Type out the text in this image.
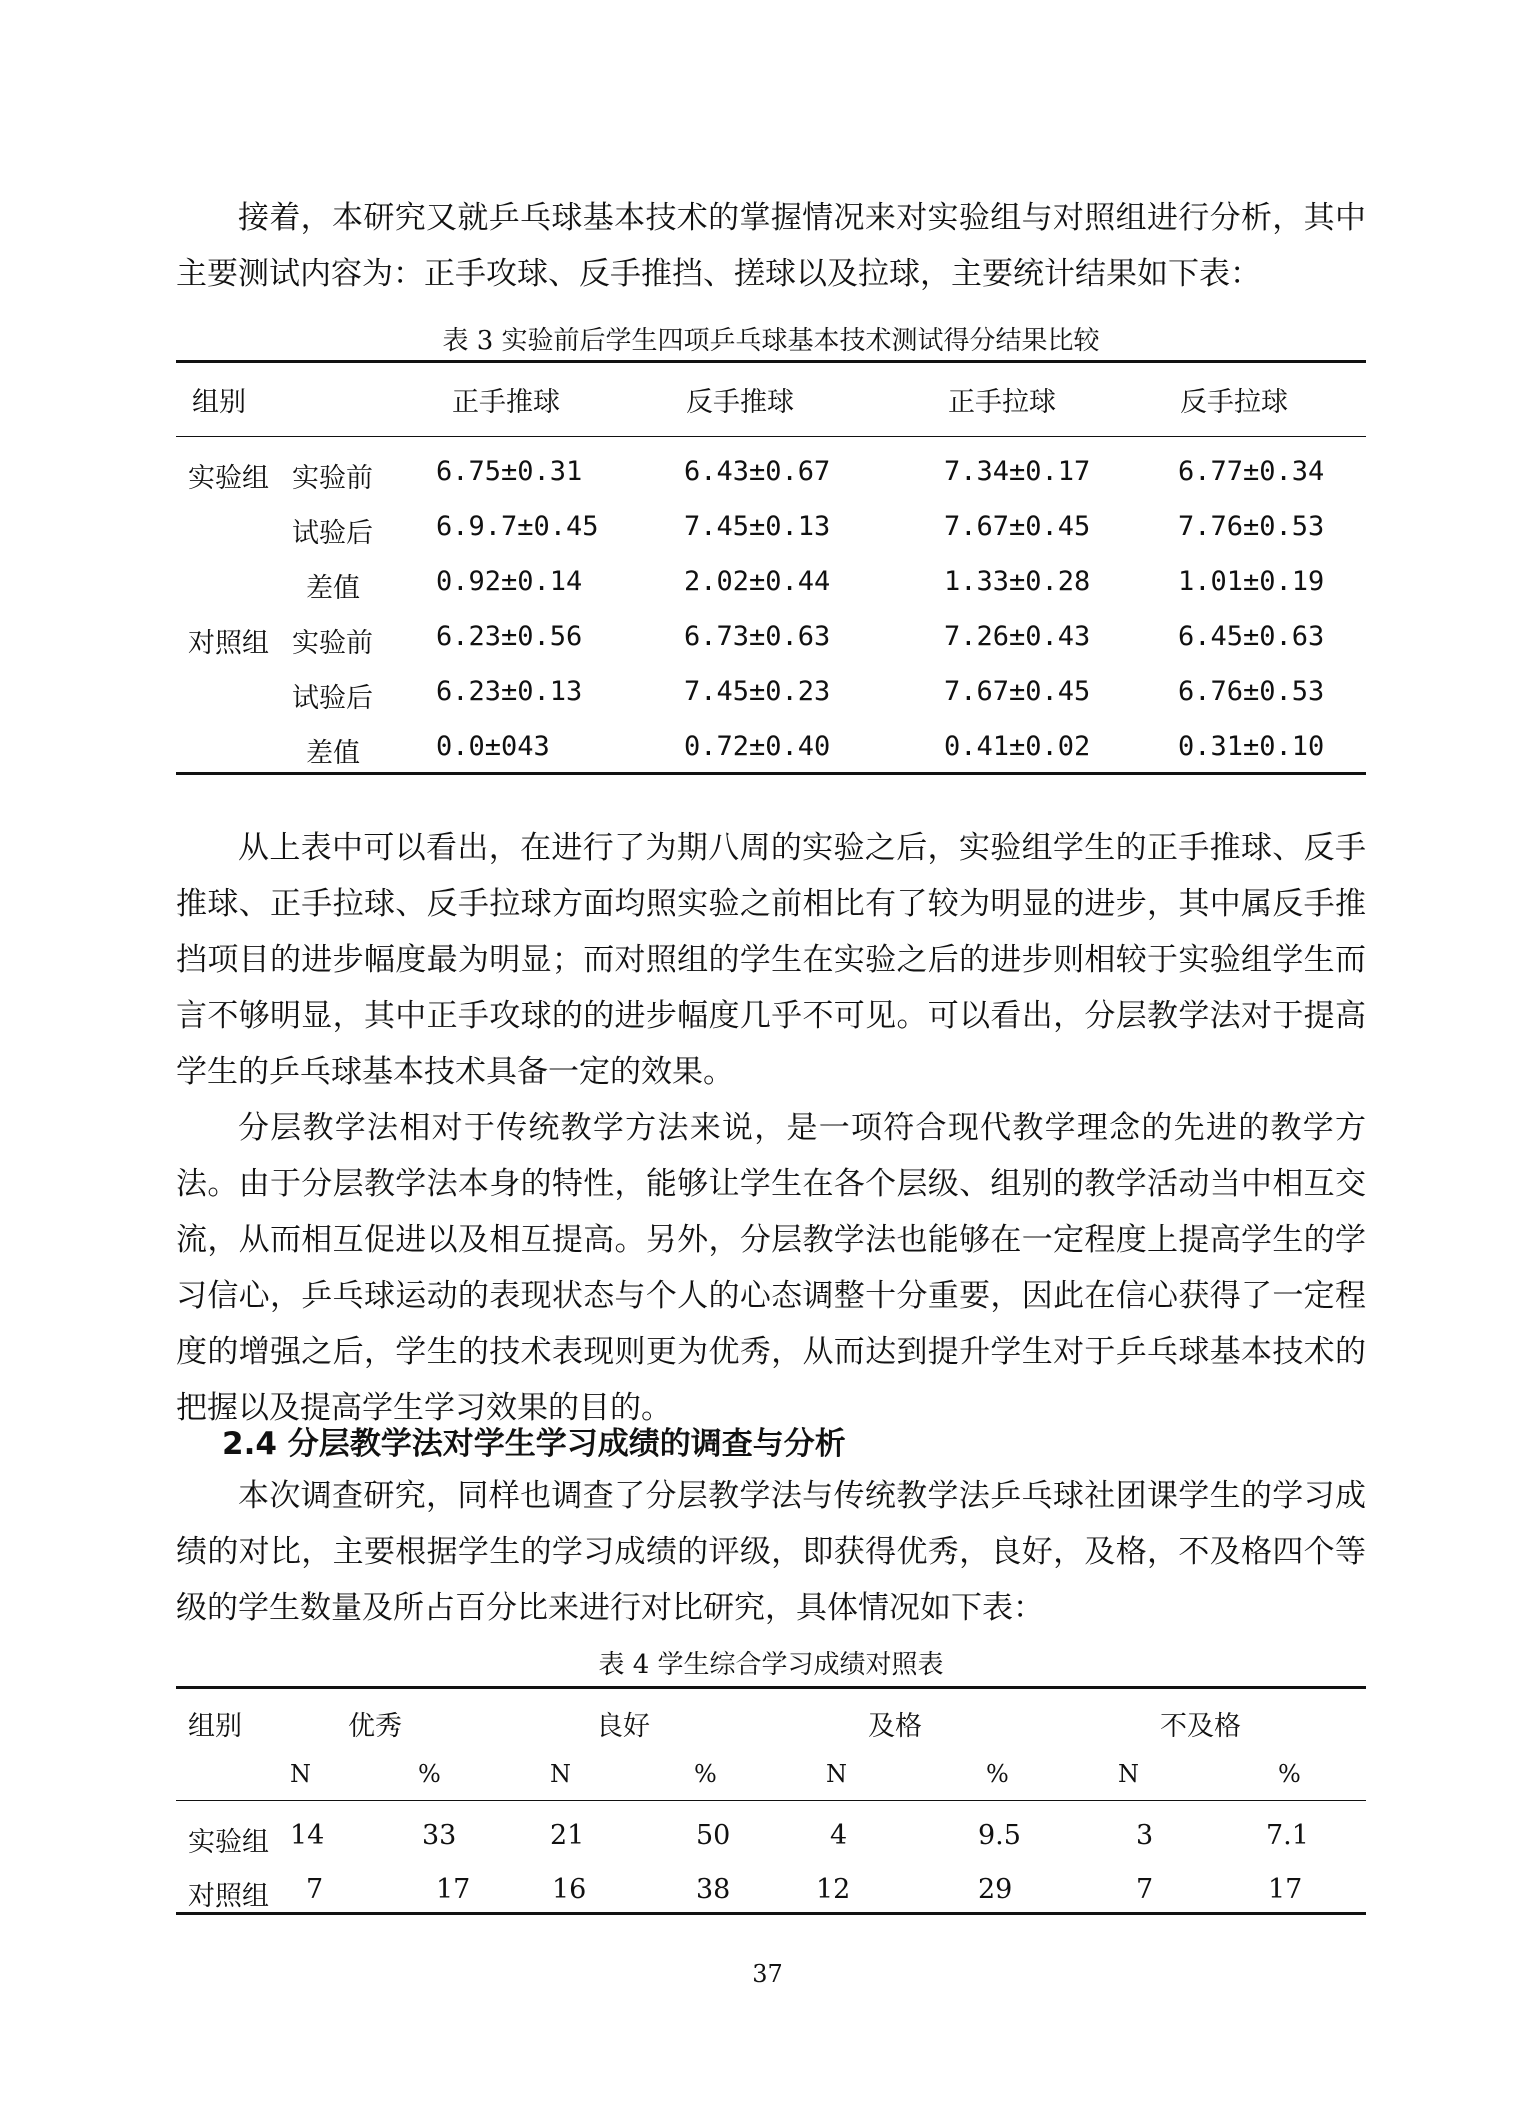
接着，本研究又就乒乓球基本技术的掌握情况来对实验组与对照组进行分析，其中主要测试内容为：正手攻球、反手推挡、搓球以及拉球，主要统计结果如下表：

表 3 实验前后学生四项乒乓球基本技术测试得分结果比较

组别	正手推球	反手推球	正手拉球	反手拉球
实验组 实验前 6.75±0.31	6.43±0.67	7.34±0.17	6.77±0.34
试验后 6.9.7±0.45	7.45±0.13	7.67±0.45	7.76±0.53
差值	0.92±0.14	2.02±0.44	1.33±0.28	1.01±0.19
对照组 实验前 6.23±0.56	6.73±0.63	7.26±0.43	6.45±0.63
试验后 6.23±0.13	7.45±0.23	7.67±0.45	6.76±0.53
差值	0.0±043	0.72±0.40	0.41±0.02	0.31±0.10

从上表中可以看出，在进行了为期八周的实验之后，实验组学生的正手推球、反手推球、正手拉球、反手拉球方面均照实验之前相比有了较为明显的进步，其中属反手推挡项目的进步幅度最为明显；而对照组的学生在实验之后的进步则相较于实验组学生而言不够明显，其中正手攻球的的进步幅度几乎不可见。可以看出，分层教学法对于提高学生的乒乓球基本技术具备一定的效果。

分层教学法相对于传统教学方法来说，是一项符合现代教学理念的先进的教学方法。由于分层教学法本身的特性，能够让学生在各个层级、组别的教学活动当中相互交流，从而相互促进以及相互提高。另外，分层教学法也能够在一定程度上提高学生的学习信心，乒乓球运动的表现状态与个人的心态调整十分重要，因此在信心获得了一定程度的增强之后，学生的技术表现则更为优秀，从而达到提升学生对于乒乓球基本技术的把握以及提高学生学习效果的目的。

2.4 分层教学法对学生学习成绩的调查与分析

本次调查研究，同样也调查了分层教学法与传统教学法乒乓球社团课学生的学习成绩的对比，主要根据学生的学习成绩的评级，即获得优秀，良好，及格，不及格四个等级的学生数量及所占百分比来进行对比研究，具体情况如下表：

表 4 学生综合学习成绩对照表

组别	优秀	良好	及格	不及格
N	%	N	%	N	%	N	%
实验组 14	33	21	50	4	9.5	3	7.1
对照组 7	17	16	38	12	29	7	17
37
